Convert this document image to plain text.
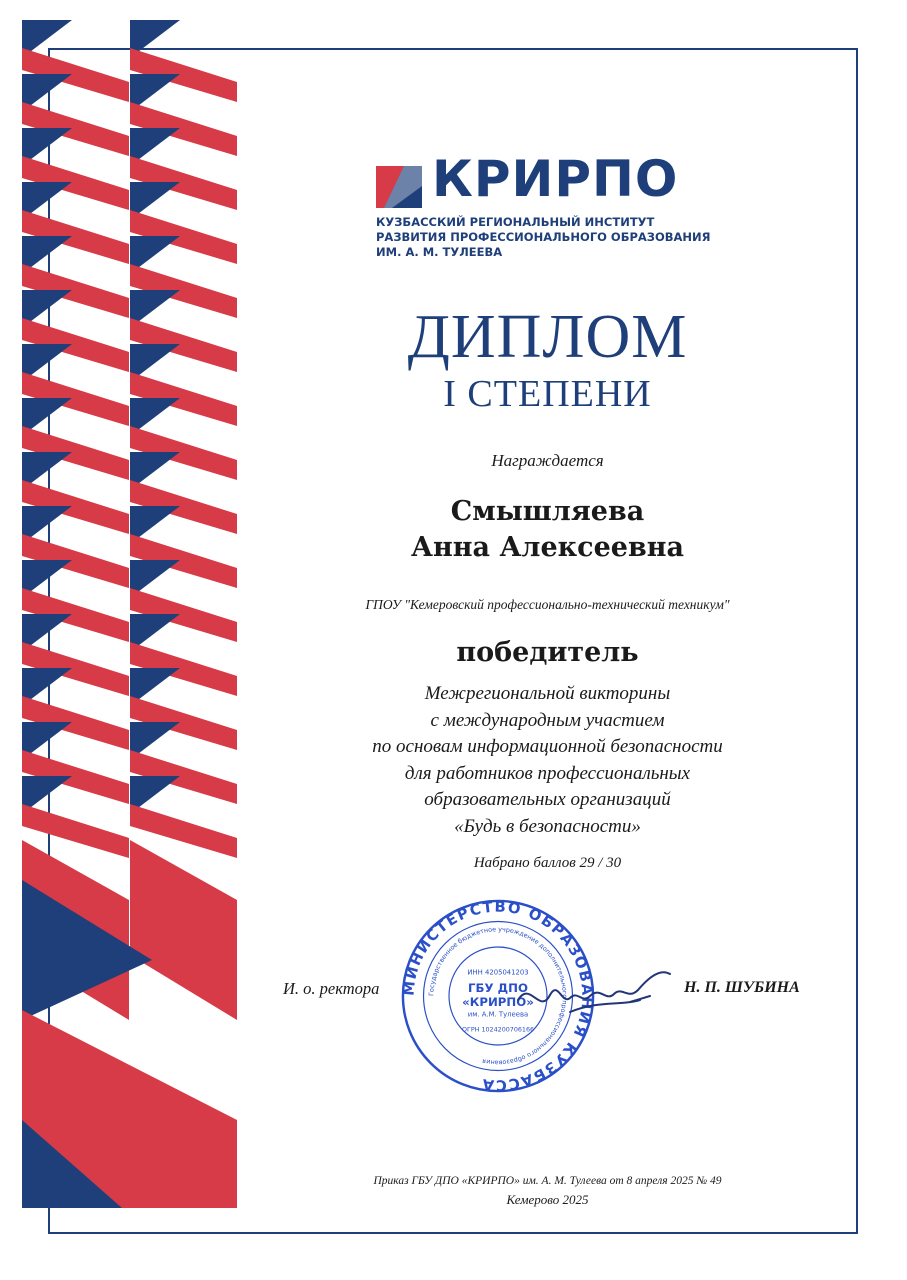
КРИРПО
КУЗБАССКИЙ РЕГИОНАЛЬНЫЙ ИНСТИТУТ
РАЗВИТИЯ ПРОФЕССИОНАЛЬНОГО ОБРАЗОВАНИЯ
ИМ. А. М. ТУЛЕЕВА
ДИПЛОМ
I СТЕПЕНИ
Награждается
Смышляева
Анна Алексеевна
ГПОУ "Кемеровский профессионально-технический техникум"
победитель
Межрегиональной викторины
с международным участием
по основам информационной безопасности
для работников профессиональных
образовательных организаций
«Будь в безопасности»
Набрано баллов 29 / 30
И. о. ректора	Н. П. ШУБИНА
МИНИСТЕРСТВО ОБРАЗОВАНИЯ КУЗБАССА
Государственное бюджетное учреждение дополнительного профессионального образования
ИНН 4205041203
ГБУ ДПО
«КРИРПО»
им. А.М. Тулеева
ОГРН 1024200706166
Приказ ГБУ ДПО «КРИРПО» им. А. М. Тулеева от 8 апреля 2025 № 49
Кемерово 2025
